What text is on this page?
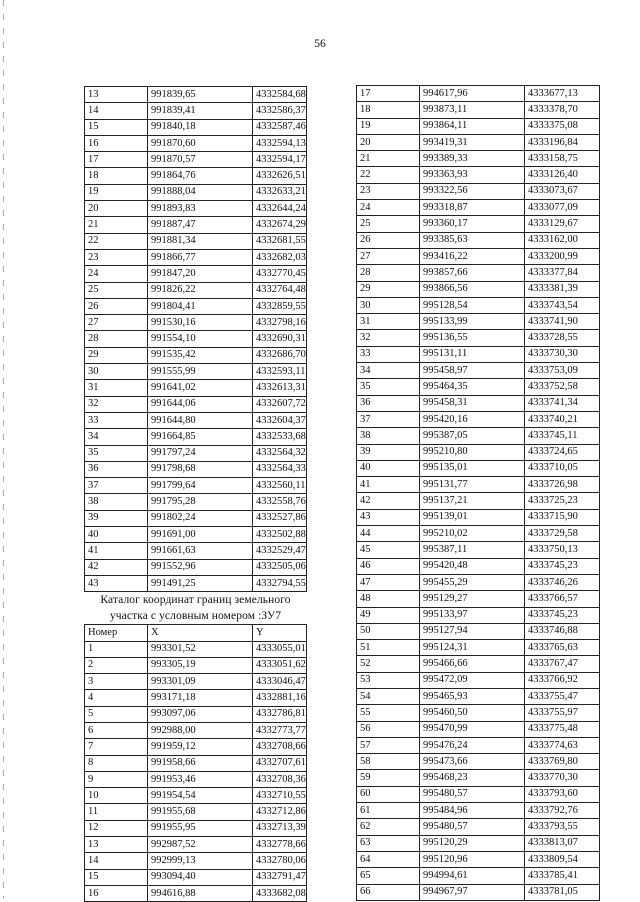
56
13	991839,65	4332584,68
14	991839,41	4332586,37
15	991840,18	4332587,46
16	991870,60	4332594,13
17	991870,57	4332594,17
18	991864,76	4332626,51
19	991888,04	4332633,21
20	991893,83	4332644,24
21	991887,47	4332674,29
22	991881,34	4332681,55
23	991866,77	4332682,03
24	991847,20	4332770,45
25	991826,22	4332764,48
26	991804,41	4332859,55
27	991530,16	4332798,16
28	991554,10	4332690,31
29	991535,42	4332686,70
30	991555,99	4332593,11
31	991641,02	4332613,31
32	991644,06	4332607,72
33	991644,80	4332604,37
34	991664,85	4332533,68
35	991797,24	4332564,32
36	991798,68	4332564,33
37	991799,64	4332560,11
38	991795,28	4332558,76
39	991802,24	4332527,86
40	991691,00	4332502,88
41	991661,63	4332529,47
42	991552,96	4332505,06
43	991491,25	4332794,55
Каталог координат границ земельного
участка с условным номером :ЗУ7
Номер	X	Y
1	993301,52	4333055,01
2	993305,19	4333051,62
3	993301,09	4333046,47
4	993171,18	4332881,16
5	993097,06	4332786,81
6	992988,00	4332773,77
7	991959,12	4332708,66
8	991958,66	4332707,61
9	991953,46	4332708,36
10	991954,54	4332710,55
11	991955,68	4332712,86
12	991955,95	4332713,39
13	992987,52	4332778,66
14	992999,13	4332780,06
15	993094,40	4332791,47
16	994616,88	4333682,08
17	994617,96	4333677,13
18	993873,11	4333378,70
19	993864,11	4333375,08
20	993419,31	4333196,84
21	993389,33	4333158,75
22	993363,93	4333126,40
23	993322,56	4333073,67
24	993318,87	4333077,09
25	993360,17	4333129,67
26	993385,63	4333162,00
27	993416,22	4333200,99
28	993857,66	4333377,84
29	993866,56	4333381,39
30	995128,54	4333743,54
31	995133,99	4333741,90
32	995136,55	4333728,55
33	995131,11	4333730,30
34	995458,97	4333753,09
35	995464,35	4333752,58
36	995458,31	4333741,34
37	995420,16	4333740,21
38	995387,05	4333745,11
39	995210,80	4333724,65
40	995135,01	4333710,05
41	995131,77	4333726,98
42	995137,21	4333725,23
43	995139,01	4333715,90
44	995210,02	4333729,58
45	995387,11	4333750,13
46	995420,48	4333745,23
47	995455,29	4333746,26
48	995129,27	4333766,57
49	995133,97	4333745,23
50	995127,94	4333746,88
51	995124,31	4333765,63
52	995466,66	4333767,47
53	995472,09	4333766,92
54	995465,93	4333755,47
55	995460,50	4333755,97
56	995470,99	4333775,48
57	995476,24	4333774,63
58	995473,66	4333769,80
59	995468,23	4333770,30
60	995480,57	4333793,60
61	995484,96	4333792,76
62	995480,57	4333793,55
63	995120,29	4333813,07
64	995120,96	4333809,54
65	994994,61	4333785,41
66	994967,97	4333781,05
